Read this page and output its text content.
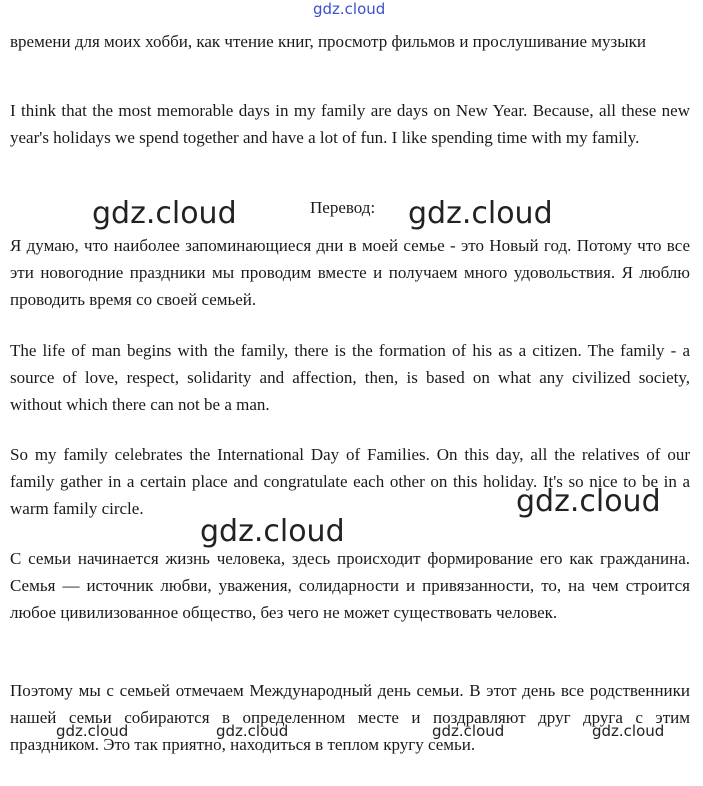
времени для моих хобби, как чтение книг, просмотр фильмов и прослушивание музыки

I think that the most memorable days in my family are days on New Year. Because, all these new year's holidays we spend together and have a lot of fun. I like spending time with my family.

Я думаю, что наиболее запоминающиеся дни в моей семье - это Новый год. Потому что все эти новогодние праздники мы проводим вместе и получаем много удовольствия. Я люблю проводить время со своей семьей.

The life of man begins with the family, there is the formation of his as a citizen. The family - a source of love, respect, solidarity and affection, then, is based on what any civilized society, without which there can not be a man.

So my family celebrates the International Day of Families. On this day, all the relatives of our family gather in a certain place and congratulate each other on this holiday. It's so nice to be in a warm family circle.

С семьи начинается жизнь человека, здесь происходит формирование его как гражданина. Семья — источник любви, уважения, солидарности и привязанности, то, на чем строится любое цивилизованное общество, без чего не может существовать человек.

Поэтому мы с семьей отмечаем Международный день семьи. В этот день все родственники нашей семьи собираются в определенном месте и поздравляют друг друга с этим праздником. Это так приятно, находиться в теплом кругу семьи.

Перевод:

gdz.cloud
gdz.cloud	gdz.cloud
gdz.cloud
gdz.cloud
gdz.cloud	gdz.cloud	gdz.cloud	gdz.cloud
